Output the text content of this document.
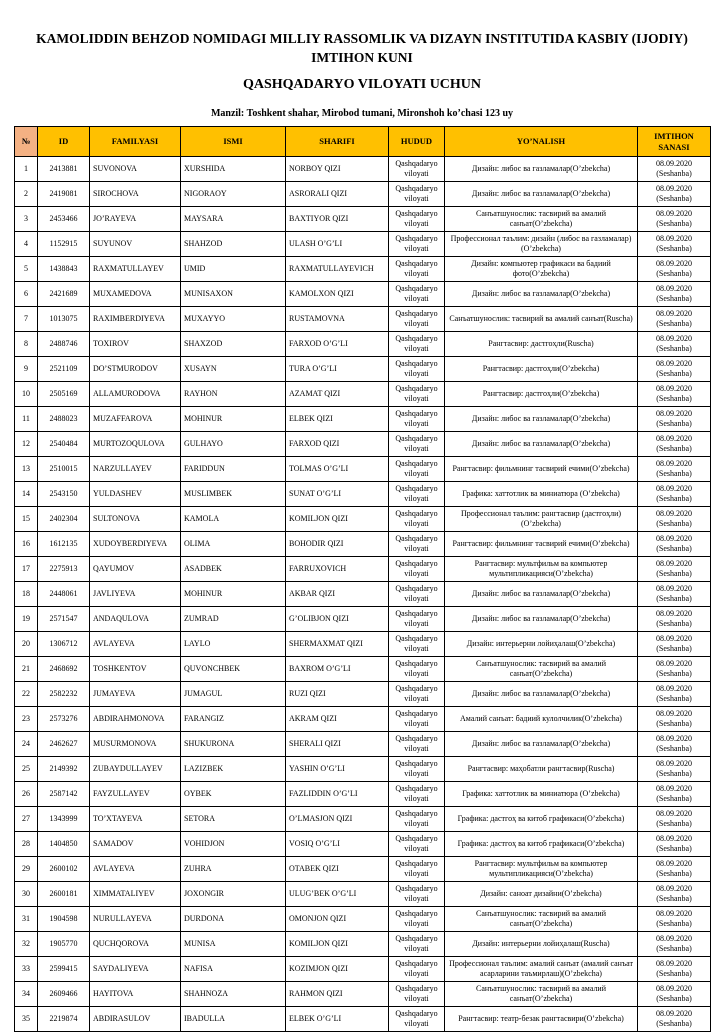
KAMOLIDDIN BEHZOD NOMIDAGI MILLIY RASSOMLIK VA DIZAYN INSTITUTIDA KASBIY (IJODIY)
IMTIHON KUNI
QASHQADARYO VILOYATI UCHUN
Manzil: Toshkent shahar, Mirobod tumani, Mironshoh ko’chasi 123 uy
№	ID	FAMILYASI	ISMI	SHARIFI	HUDUD	YO’NALISH	IMTIHON SANASI
1	2413881	SUVONOVA	XURSHIDA	NORBOY QIZI	Qashqadaryo viloyati	Дизайн: либос ва газламалар(O’zbekcha)	08.09.2020
(Seshanba)

2	2419081	SIROCHOVA	NIGORAOY	ASRORALI QIZI	Qashqadaryo viloyati	Дизайн: либос ва газламалар(O’zbekcha)	08.09.2020
(Seshanba)

3	2453466	JO’RAYEVA	MAYSARA	BAXTIYOR QIZI	Qashqadaryo viloyati	Санъатшунослик: тасвирий ва амалий санъат(O’zbekcha)	08.09.2020
(Seshanba)

4	1152915	SUYUNOV	SHAHZOD	ULASH O’G’LI	Qashqadaryo viloyati	Профессионал таълим: дизайн (либос ва газламалар)(O’zbekcha)	08.09.2020
(Seshanba)

5	1438843	RAXMATULLAYEV	UMID	RAXMATULLAYEVICH	Qashqadaryo viloyati	Дизайн: компьютер графикаси ва бадиий фото(O’zbekcha)	08.09.2020
(Seshanba)

6	2421689	MUXAMEDOVA	MUNISAXON	KAMOLXON QIZI	Qashqadaryo viloyati	Дизайн: либос ва газламалар(O’zbekcha)	08.09.2020
(Seshanba)

7	1013075	RAXIMBERDIYEVA	MUXAYYO	RUSTAMOVNA	Qashqadaryo viloyati	Санъатшунослик: тасвирий ва амалий санъат(Ruscha)	08.09.2020
(Seshanba)

8	2488746	TOXIROV	SHAXZOD	FARXOD O’G’LI	Qashqadaryo viloyati	Рангтасвир: дастгоҳли(Ruscha)	08.09.2020
(Seshanba)

9	2521109	DO’STMURODOV	XUSAYN	TURA O’G’LI	Qashqadaryo viloyati	Рангтасвир: дастгоҳли(O’zbekcha)	08.09.2020
(Seshanba)

10	2505169	ALLAMURODOVA	RAYHON	AZAMAT QIZI	Qashqadaryo viloyati	Рангтасвир: дастгоҳли(O’zbekcha)	08.09.2020
(Seshanba)

11	2488023	MUZAFFAROVA	MOHINUR	ELBEK QIZI	Qashqadaryo viloyati	Дизайн: либос ва газламалар(O’zbekcha)	08.09.2020
(Seshanba)

12	2540484	MURTOZOQULOVA	GULHAYO	FARXOD QIZI	Qashqadaryo viloyati	Дизайн: либос ва газламалар(O’zbekcha)	08.09.2020
(Seshanba)

13	2510015	NARZULLAYEV	FARIDDUN	TOLMAS O’G’LI	Qashqadaryo viloyati	Рангтасвир: фильмнинг тасвирий ечими(O’zbekcha)	08.09.2020
(Seshanba)

14	2543150	YULDASHEV	MUSLIMBEK	SUNAT O’G’LI	Qashqadaryo viloyati	Графика: хаттотлик ва миниатюра (O’zbekcha)	08.09.2020
(Seshanba)

15	2402304	SULTONOVA	KAMOLA	KOMILJON QIZI	Qashqadaryo viloyati	Профессионал таълим: рангтасвир (дастгоҳли)(O’zbekcha)	08.09.2020
(Seshanba)

16	1612135	XUDOYBERDIYEVA	OLIMA	BOHODIR QIZI	Qashqadaryo viloyati	Рангтасвир: фильмнинг тасвирий ечими(O’zbekcha)	08.09.2020
(Seshanba)

17	2275913	QAYUMOV	ASADBEK	FARRUXOVICH	Qashqadaryo viloyati	Рангтасвир: мультфильм ва компьютер мультипликацияси(O’zbekcha)	08.09.2020
(Seshanba)

18	2448061	JAVLIYEVA	MOHINUR	AKBAR QIZI	Qashqadaryo viloyati	Дизайн: либос ва газламалар(O’zbekcha)	08.09.2020
(Seshanba)

19	2571547	ANDAQULOVA	ZUMRAD	G’OLIBJON QIZI	Qashqadaryo viloyati	Дизайн: либос ва газламалар(O’zbekcha)	08.09.2020
(Seshanba)

20	1306712	AVLAYEVA	LAYLO	SHERMAXMAT QIZI	Qashqadaryo viloyati	Дизайн: интерьерни лойиҳалаш(O’zbekcha)	08.09.2020
(Seshanba)

21	2468692	TOSHKENTOV	QUVONCHBEK	BAXROM O’G’LI	Qashqadaryo viloyati	Санъатшунослик: тасвирий ва амалий санъат(O’zbekcha)	08.09.2020
(Seshanba)

22	2582232	JUMAYEVA	JUMAGUL	RUZI QIZI	Qashqadaryo viloyati	Дизайн: либос ва газламалар(O’zbekcha)	08.09.2020
(Seshanba)

23	2573276	ABDIRAHMONOVA	FARANGIZ	AKRAM QIZI	Qashqadaryo viloyati	Амалий санъат: бадиий кулолчилик(O’zbekcha)	08.09.2020
(Seshanba)

24	2462627	MUSURMONOVA	SHUKURONA	SHERALI QIZI	Qashqadaryo viloyati	Дизайн: либос ва газламалар(O’zbekcha)	08.09.2020
(Seshanba)

25	2149392	ZUBAYDULLAYEV	LAZIZBEK	YASHIN O’G’LI	Qashqadaryo viloyati	Рангтасвир: маҳобатли рангтасвир(Ruscha)	08.09.2020
(Seshanba)

26	2587142	FAYZULLAYEV	OYBEK	FAZLIDDIN O’G’LI	Qashqadaryo viloyati	Графика: хаттотлик ва миниатюра (O’zbekcha)	08.09.2020
(Seshanba)

27	1343999	TO’XTAYEVA	SETORA	O’LMASJON QIZI	Qashqadaryo viloyati	Графика: дастгоҳ ва китоб графикаси(O’zbekcha)	08.09.2020
(Seshanba)

28	1404850	SAMADOV	VOHIDJON	VOSIQ O’G’LI	Qashqadaryo viloyati	Графика: дастгоҳ ва китоб графикаси(O’zbekcha)	08.09.2020
(Seshanba)

29	2600102	AVLAYEVA	ZUHRA	OTABEK QIZI	Qashqadaryo viloyati	Рангтасвир: мультфильм ва компьютер мультипликацияси(O’zbekcha)	08.09.2020
(Seshanba)

30	2600181	XIMMATALIYEV	JOXONGIR	ULUG’BEK O’G’LI	Qashqadaryo viloyati	Дизайн: саноат дизайни(O’zbekcha)	08.09.2020
(Seshanba)

31	1904598	NURULLAYEVA	DURDONA	OMONJON QIZI	Qashqadaryo viloyati	Санъатшунослик: тасвирий ва амалий санъат(O’zbekcha)	08.09.2020
(Seshanba)

32	1905770	QUCHQOROVA	MUNISA	KOMILJON QIZI	Qashqadaryo viloyati	Дизайн: интерьерни лойиҳалаш(Ruscha)	08.09.2020
(Seshanba)

33	2599415	SAYDALIYEVA	NAFISA	KOZIMJON QIZI	Qashqadaryo viloyati	Профессионал таълим: амалий санъат (амалий санъат асарларини таъмирлаш)(O’zbekcha)	08.09.2020
(Seshanba)

34	2609466	HAYITOVA	SHAHNOZA	RAHMON QIZI	Qashqadaryo viloyati	Санъатшунослик: тасвирий ва амалий санъат(O’zbekcha)	08.09.2020
(Seshanba)

35	2219874	ABDIRASULOV	IBADULLA	ELBEK O’G’LI	Qashqadaryo viloyati	Рангтасвир: театр-безак рангтасвири(O’zbekcha)	08.09.2020
(Seshanba)
